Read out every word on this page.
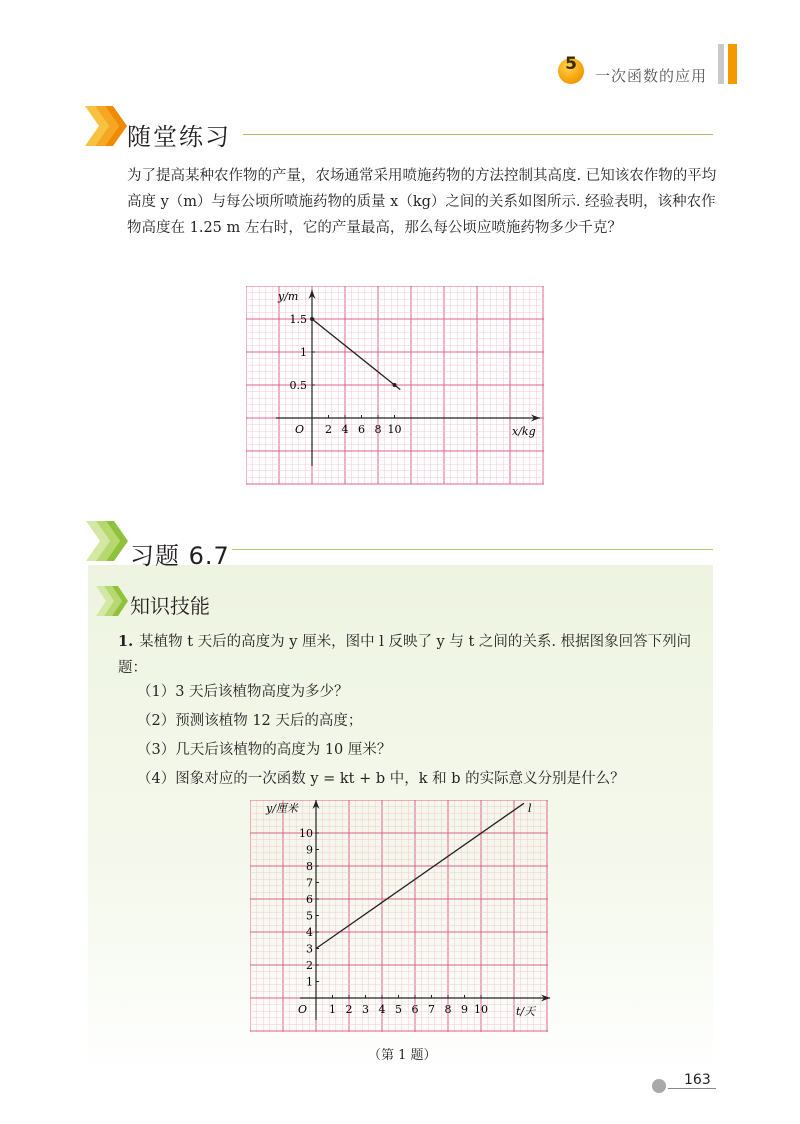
5
一次函数的应用
随堂练习
为了提高某种农作物的产量，农场通常采用喷施药物的方法控制其高度. 已知该农作物的平均高度 y（m）与每公顷所喷施药物的质量 x（kg）之间的关系如图所示. 经验表明，该种农作物高度在 1.25 m 左右时，它的产量最高，那么每公顷应喷施药物多少千克？
2 4 6 8 10
0.5
1
1.5
O	x/kg
y/m
习题 6.7
知识技能
1. 某植物 t 天后的高度为 y 厘米，图中 l 反映了 y 与 t 之间的关系. 根据图象回答下列问题：
（1）3 天后该植物高度为多少？
（2）预测该植物 12 天后的高度；
（3）几天后该植物的高度为 10 厘米？
（4）图象对应的一次函数 y = kt + b 中，k 和 b 的实际意义分别是什么？
1 2 3 4 5 6 7 8 9 10
1
2
3
4
5
6
7
8
9
10
O	t/天
y/厘米	l
（第 1 题）
163
